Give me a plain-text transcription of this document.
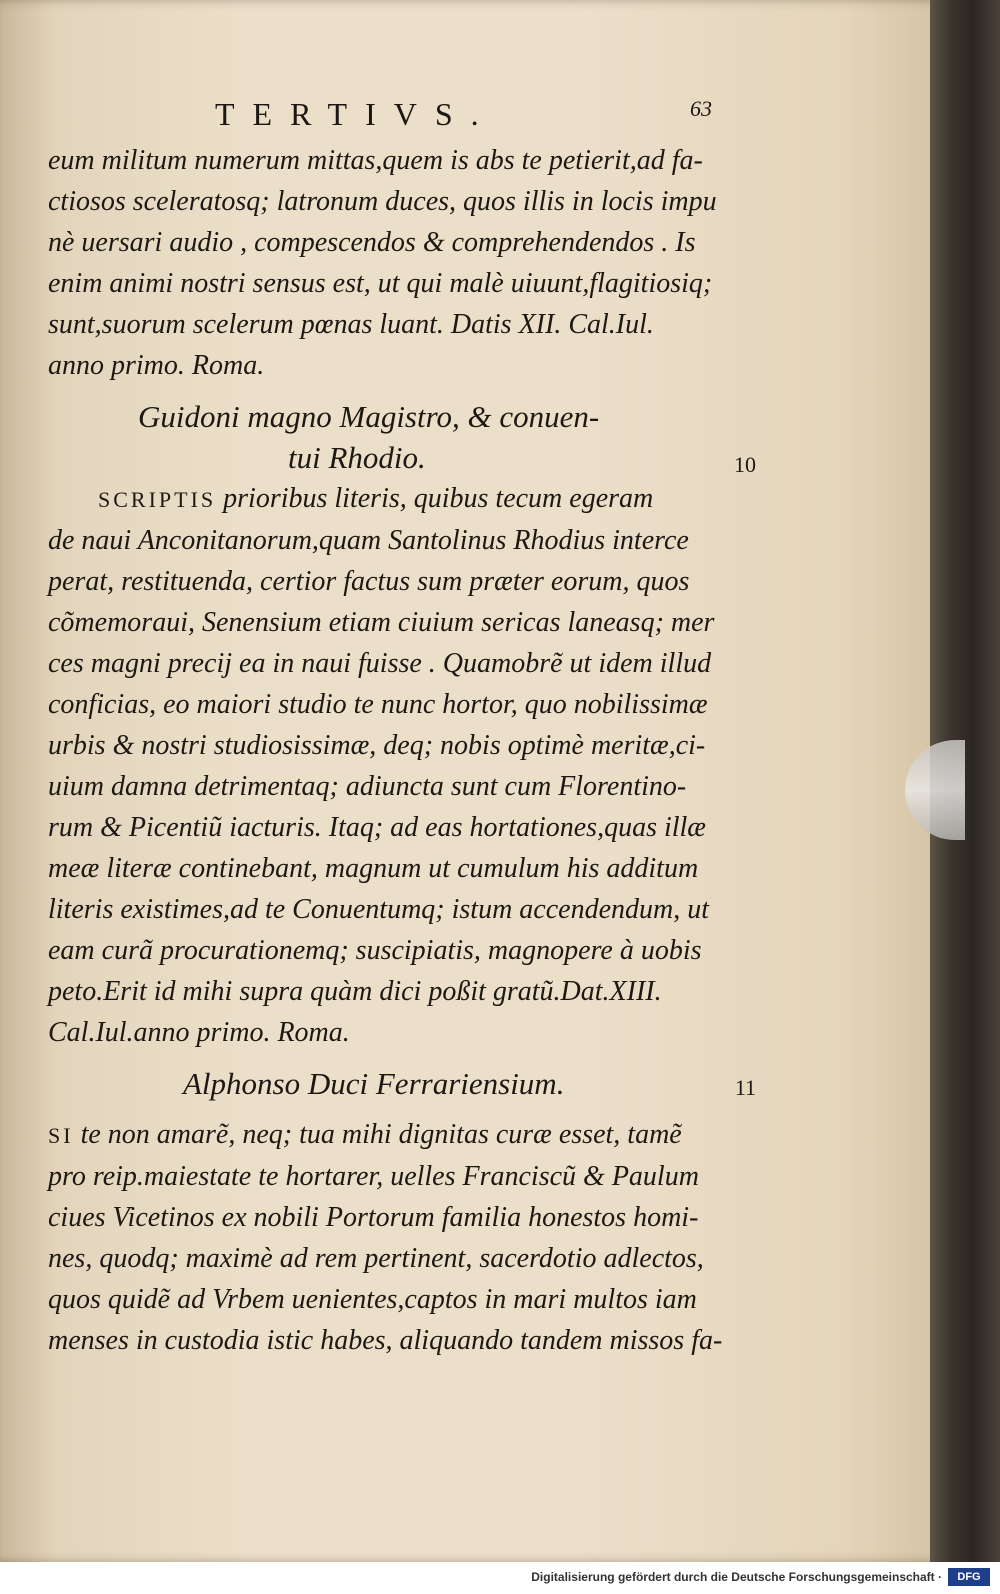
TERTIVS.	63
eum militum numerum mittas,quem is abs te petierit,ad fa-
ctiosos sceleratosq; latronum duces, quos illis in locis impu
nè uersari audio , compescendos & comprehendendos . Is
enim animi nostri sensus est, ut qui malè uiuunt,flagitiosiq;
sunt,suorum scelerum pœnas luant. Datis XII. Cal.Iul.
anno primo. Roma.
Guidoni magno Magistro, & conuen-
tui Rhodio.	10
SCRIPTIS prioribus literis, quibus tecum egeram
de naui Anconitanorum,quam Santolinus Rhodius interce
perat, restituenda, certior factus sum præter eorum, quos
cõmemoraui, Senensium etiam ciuium sericas laneasq; mer
ces magni precij ea in naui fuisse . Quamobrẽ ut idem illud
conficias, eo maiori studio te nunc hortor, quo nobilissimæ
urbis & nostri studiosissimæ, deq; nobis optimè meritæ,ci-
uium damna detrimentaq; adiuncta sunt cum Florentino-
rum & Picentiũ iacturis. Itaq; ad eas hortationes,quas illæ
meæ literæ continebant, magnum ut cumulum his additum
literis existimes,ad te Conuentumq; istum accendendum, ut
eam curã procurationemq; suscipiatis, magnopere à uobis
peto.Erit id mihi supra quàm dici poßit gratũ.Dat.XIII.
Cal.Iul.anno primo. Roma.
Alphonso Duci Ferrariensium.	11
SI te non amarẽ, neq; tua mihi dignitas curæ esset, tamẽ
pro reip.maiestate te hortarer, uelles Franciscũ & Paulum
ciues Vicetinos ex nobili Portorum familia honestos homi-
nes, quodq; maximè ad rem pertinent, sacerdotio adlectos,
quos quidẽ ad Vrbem uenientes,captos in mari multos iam
menses in custodia istic habes, aliquando tandem missos fa-
Digitalisierung gefördert durch die Deutsche Forschungsgemeinschaft ·	DFG
